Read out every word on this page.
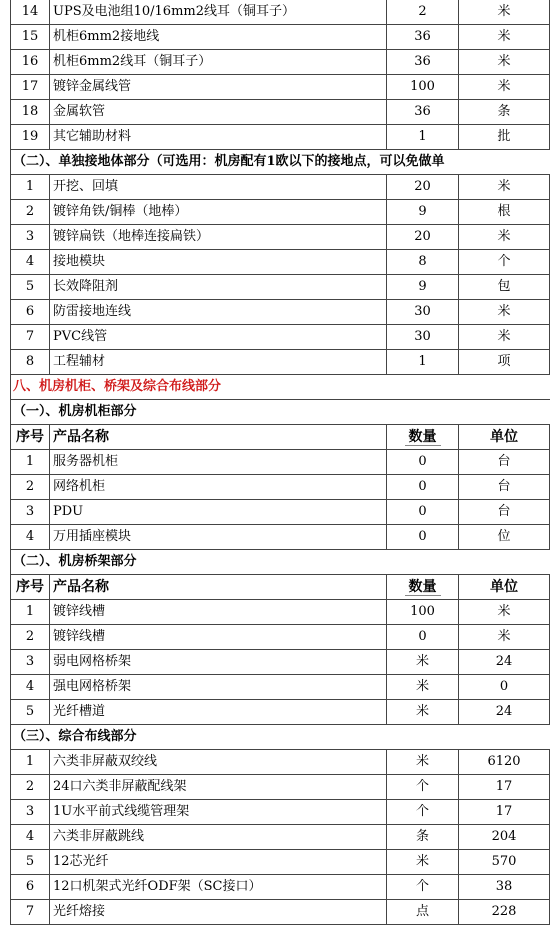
14	UPS及电池组10/16mm2线耳（铜耳子）	2	米
15	机柜6mm2接地线	36	米
16	机柜6mm2线耳（铜耳子）	36	米
17	镀锌金属线管	100	米
18	金属软管	36	条
19	其它辅助材料	1	批
（二）、单独接地体部分（可选用：机房配有1欧以下的接地点，可以免做单
1	开挖、回填	20	米
2	镀锌角铁/铜棒（地棒）	9	根
3	镀锌扁铁（地棒连接扁铁）	20	米
4	接地模块	8	个
5	长效降阻剂	9	包
6	防雷接地连线	30	米
7	PVC线管	30	米
8	工程辅材	1	项
八、机房机柜、桥架及综合布线部分
（一）、机房机柜部分
序号 产品名称	数量	单位
1	服务器机柜	0	台
2	网络机柜	0	台
3	PDU	0	台
4	万用插座模块	0	位
（二）、机房桥架部分
序号 产品名称	数量	单位
1	镀锌线槽	100	米
2	镀锌线槽	0	米
3	弱电网格桥架	米	24
4	强电网格桥架	米	0
5	光纤槽道	米	24
（三）、综合布线部分
1	六类非屏蔽双绞线	米	6120
2	24口六类非屏蔽配线架	个	17
3	1U水平前式线缆管理架	个	17
4	六类非屏蔽跳线	条	204
5	12芯光纤	米	570
6	12口机架式光纤ODF架（SC接口）	个	38
7	光纤熔接	点	228
